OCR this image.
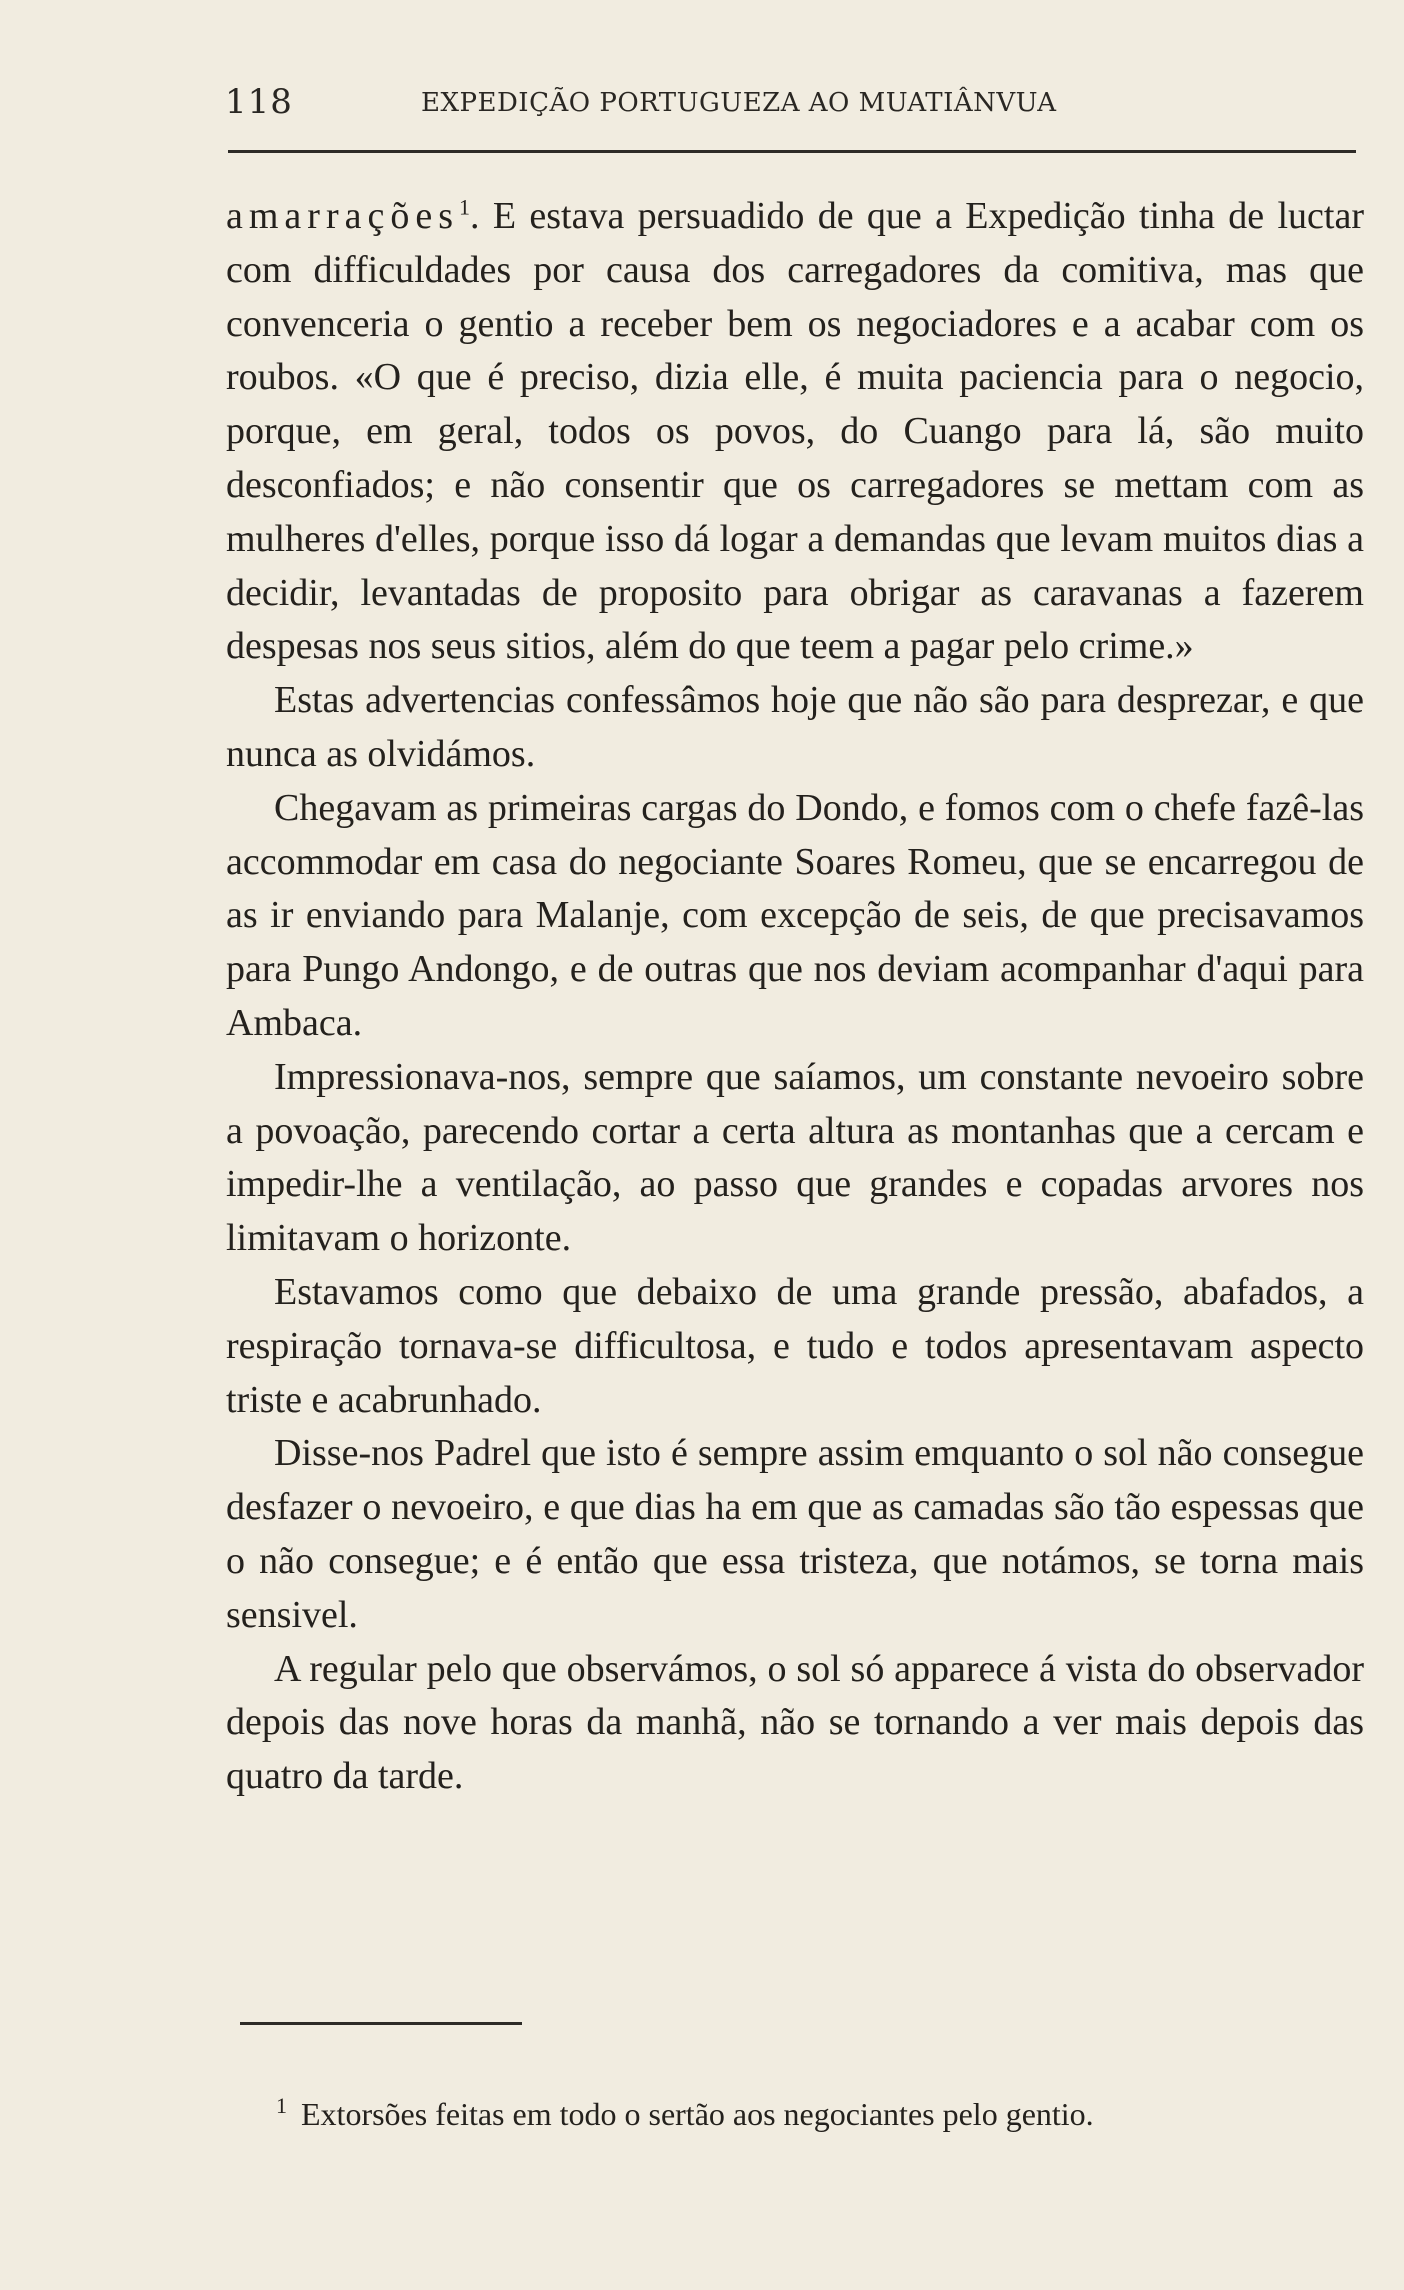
118	EXPEDIÇÃO PORTUGUEZA AO MUATIÂNVUA

amarrações$^1$. E estava persuadido de que a Expedição tinha de luctar com difficuldades por causa dos carregadores da comitiva, mas que convenceria o gentio a receber bem os negociadores e a acabar com os roubos. «O que é preciso, dizia elle, é muita paciencia para o negocio, porque, em geral, todos os povos, do Cuango para lá, são muito desconfiados; e não consentir que os carregadores se mettam com as mulheres d'elles, porque isso dá logar a demandas que levam muitos dias a decidir, levantadas de proposito para obrigar as caravanas a fazerem despesas nos seus sitios, além do que teem a pagar pelo crime.»

Estas advertencias confessâmos hoje que não são para desprezar, e que nunca as olvidámos.

Chegavam as primeiras cargas do Dondo, e fomos com o chefe fazê-las accommodar em casa do negociante Soares Romeu, que se encarregou de as ir enviando para Malanje, com excepção de seis, de que precisavamos para Pungo Andongo, e de outras que nos deviam acompanhar d'aqui para Ambaca.

Impressionava-nos, sempre que saíamos, um constante nevoeiro sobre a povoação, parecendo cortar a certa altura as montanhas que a cercam e impedir-lhe a ventilação, ao passo que grandes e copadas arvores nos limitavam o horizonte.

Estavamos como que debaixo de uma grande pressão, abafados, a respiração tornava-se difficultosa, e tudo e todos apresentavam aspecto triste e acabrunhado.

Disse-nos Padrel que isto é sempre assim emquanto o sol não consegue desfazer o nevoeiro, e que dias ha em que as camadas são tão espessas que o não consegue; e é então que essa tristeza, que notámos, se torna mais sensivel.

A regular pelo que observámos, o sol só apparece á vista do observador depois das nove horas da manhã, não se tornando a ver mais depois das quatro da tarde.

$^1$ Extorsões feitas em todo o sertão aos negociantes pelo gentio.
